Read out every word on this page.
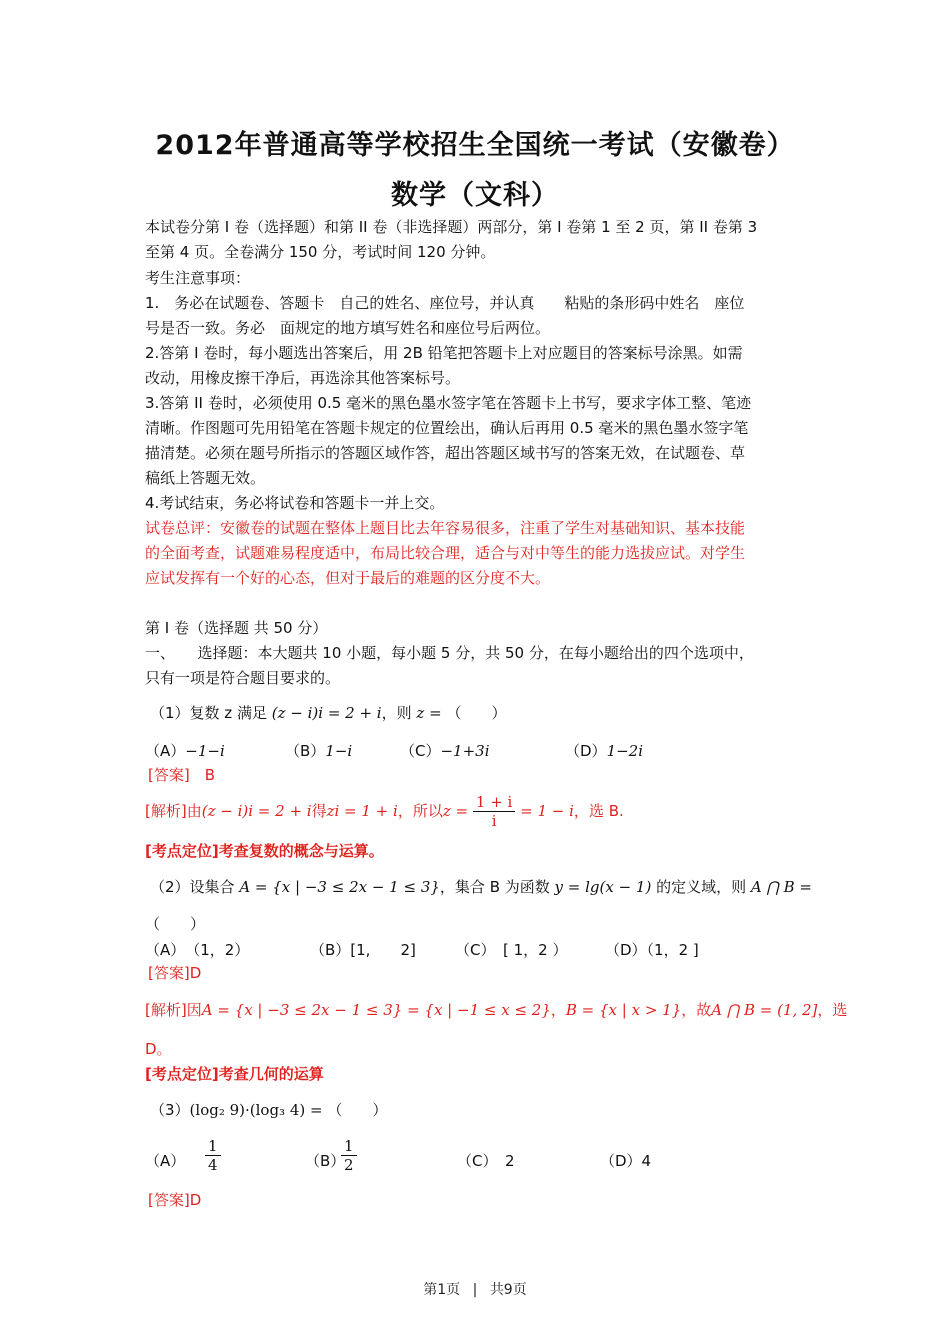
2012年普通高等学校招生全国统一考试（安徽卷）
数学（文科）
本试卷分第 I 卷（选择题）和第 II 卷（非选择题）两部分，第 I 卷第 1 至 2 页，第 II 卷第 3
至第 4 页。全卷满分 150 分，考试时间 120 分钟。
考生注意事项：
1.　务必在试题卷、答题卡　自己的姓名、座位号，并认真　　粘贴的条形码中姓名　座位
号是否一致。务必　面规定的地方填写姓名和座位号后两位。
2.答第 I 卷时，每小题选出答案后，用 2B 铅笔把答题卡上对应题目的答案标号涂黑。如需
改动，用橡皮擦干净后，再选涂其他答案标号。
3.答第 II 卷时，必须使用 0.5 毫米的黑色墨水签字笔在答题卡上书写，要求字体工整、笔迹
清晰。作图题可先用铅笔在答题卡规定的位置绘出，确认后再用 0.5 毫米的黑色墨水签字笔
描清楚。必须在题号所指示的答题区域作答，超出答题区域书写的答案无效，在试题卷、草
稿纸上答题无效。
4.考试结束，务必将试卷和答题卡一并上交。
试卷总评：安徽卷的试题在整体上题目比去年容易很多，注重了学生对基础知识、基本技能
的全面考查，试题难易程度适中，布局比较合理，适合与对中等生的能力选拔应试。对学生
应试发挥有一个好的心态，但对于最后的难题的区分度不大。
第 I 卷（选择题 共 50 分）
一、　　选择题：本大题共 10 小题，每小题 5 分，共 50 分，在每小题给出的四个选项中，
只有一项是符合题目要求的。
（1）复数 z 满足 (z − i)i = 2 + i，则 z = （　　）
（A）−1−i	（B）1−i	（C）−1+3i	（D）1−2i
[答案]　B
[解析]由(z − i)i = 2 + i得zi = 1 + i，所以$z = \frac{1 + i}{i} = 1 - i$，选 B.
[考点定位]考查复数的概念与运算。
（2）设集合 A = {x | −3 ≤ 2x − 1 ≤ 3}，集合 B 为函数 y = lg(x − 1) 的定义域，则 A ⋂ B =
（　　）
（A）　（1，2）	（B）[1,　　2]	（C）　[ 1，2 ）	（D）（1，2 ]
[答案]D
[解析]因A = {x | −3 ≤ 2x − 1 ≤ 3} = {x | −1 ≤ x ≤ 2}，B = {x | x > 1}，故A ⋂ B = (1, 2]，选
D。
[考点定位]考查几何的运算
（3）(log₂ 9)·(log₃ 4) = （　　）
$(A) \frac{1}{4}$	（B）
$\frac{1}{2}$	（C）　2	（D）4
[答案]D
第1页 | 共9页
